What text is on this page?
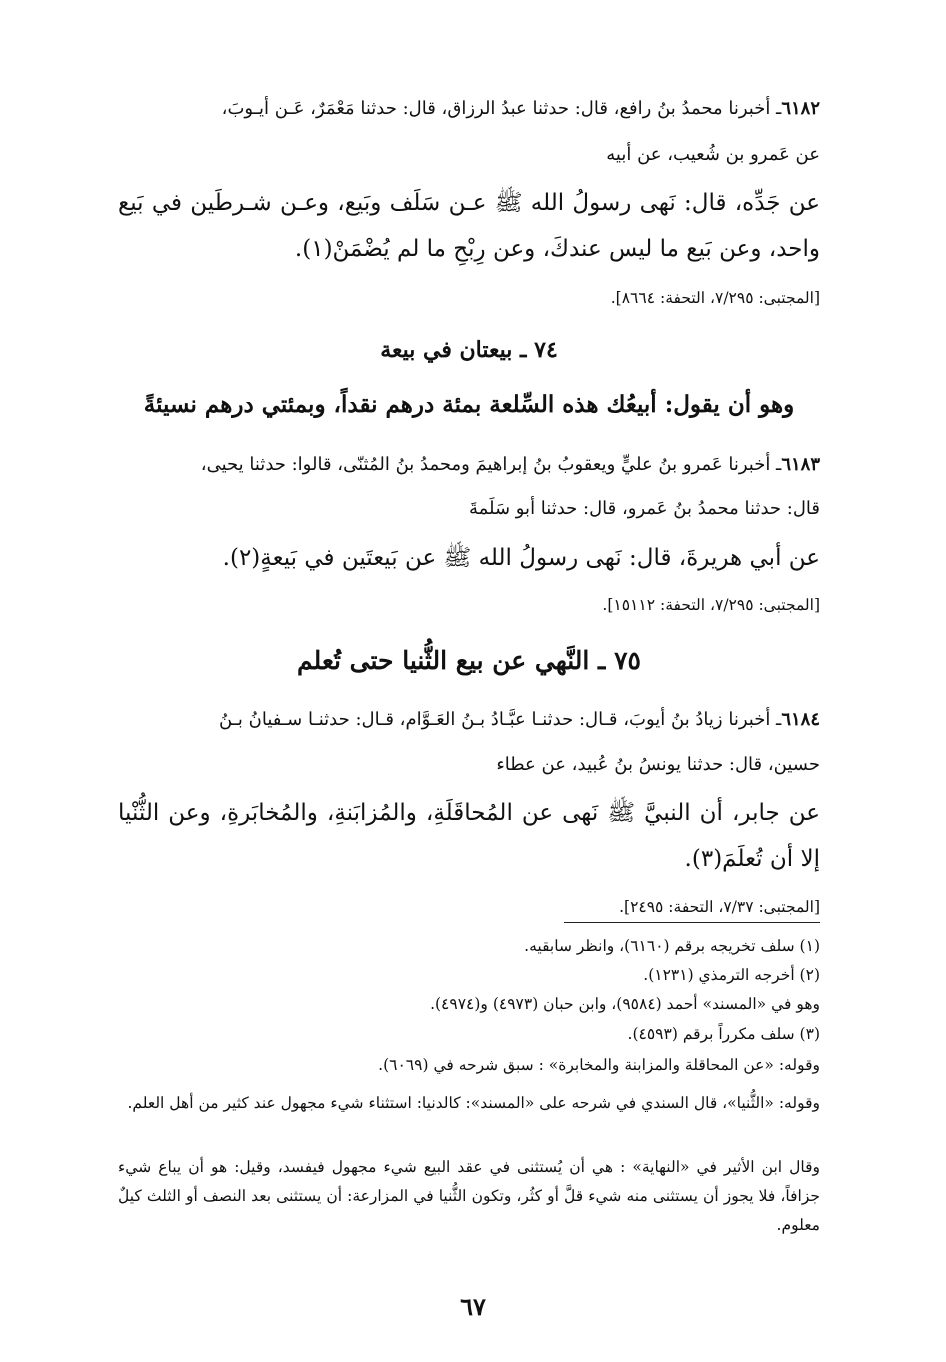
٦١٨٢ـ أخبرنا محمدُ بنُ رافع، قال: حدثنا عبدُ الرزاق، قال: حدثنا مَعْمَرٌ، عَـن أيـوبَ،
عن عَمرو بن شُعيب، عن أبيه
عن جَدِّه، قال: نَهى رسولُ الله ﷺ عـن سَلَف وبَيع، وعـن شـرطَين في بَيع واحد، وعن بَيع ما ليس عندكَ، وعن رِبْحِ ما لم يُضْمَنْ(١).
[المجتبى: ٧/٢٩٥، التحفة: ٨٦٦٤].
٧٤ ـ بيعتان في بيعة
وهو أن يقول: أبيعُك هذه السِّلعة بمئة درهم نقداً، وبمئتي درهم نسيئةً
٦١٨٣ـ أخبرنا عَمرو بنُ عليٍّ ويعقوبُ بنُ إبراهيمَ ومحمدُ بنُ المُثنّى، قالوا: حدثنا يحيى،
قال: حدثنا محمدُ بنُ عَمرو، قال: حدثنا أبو سَلَمةَ
عن أبي هريرةَ، قال: نَهى رسولُ الله ﷺ عن بَيعتَين في بَيعةٍ(٢).
[المجتبى: ٧/٢٩٥، التحفة: ١٥١١٢].
٧٥ ـ النَّهي عن بيع الثُّنيا حتى تُعلم
٦١٨٤ـ أخبرنا زيادُ بنُ أيوبَ، قـال: حدثنـا عبَّـادُ بـنُ العَـوَّام، قـال: حدثنـا سـفيانُ بـنُ
حسين، قال: حدثنا يونسُ بنُ عُبيد، عن عطاء
عن جابر، أن النبيَّ ﷺ نَهى عن المُحاقَلَةِ، والمُزابَنةِ، والمُخابَرةِ، وعن الثُّنْيا إلا أن تُعلَمَ(٣).
[المجتبى: ٧/٣٧، التحفة: ٢٤٩٥].
(١) سلف تخريجه برقم (٦١٦٠)، وانظر سابقيه.
(٢) أخرجه الترمذي (١٢٣١).
وهو في «المسند» أحمد (٩٥٨٤)، وابن حبان (٤٩٧٣) و(٤٩٧٤).
(٣) سلف مكرراً برقم (٤٥٩٣).
وقوله: «عن المحاقلة والمزابنة والمخابرة» : سبق شرحه في (٦٠٦٩).
وقوله: «الثُّنيا»، قال السندي في شرحه على «المسند»: كالدنيا: استثناء شيء مجهول عند كثير من أهل العلم.
وقال ابن الأثير في «النهاية» : هي أن يُستثنى في عقد البيع شيء مجهول فيفسد، وقيل: هو أن يباع شيء جزافاً، فلا يجوز أن يستثنى منه شيء قلَّ أو كثُر، وتكون الثُّنيا في المزارعة: أن يستثنى بعد النصف أو الثلث كيلٌ معلوم.
٦٧
